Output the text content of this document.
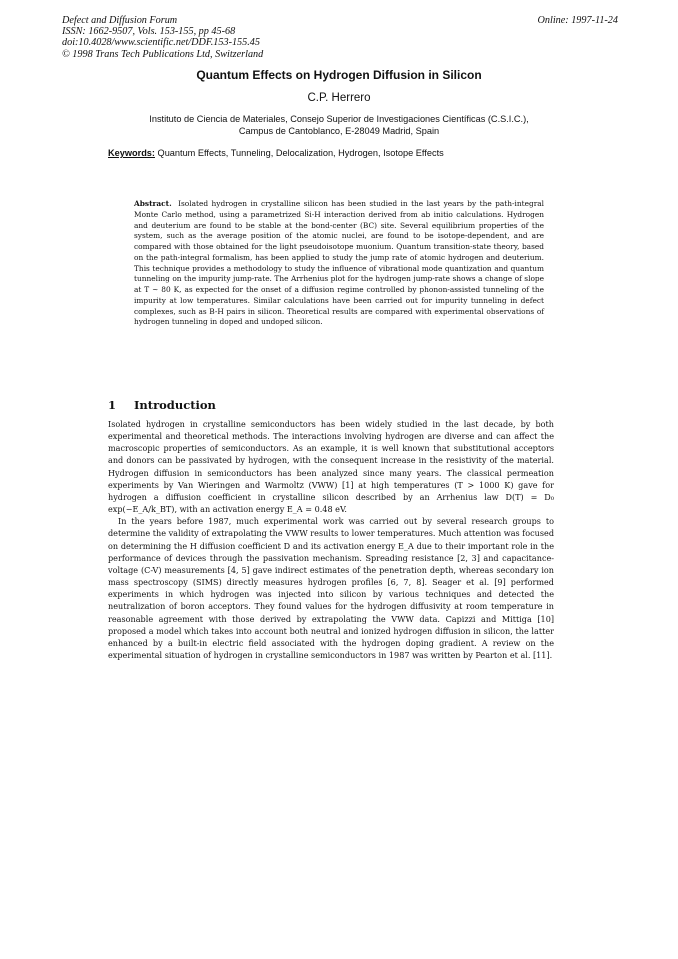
Defect and Diffusion Forum
ISSN: 1662-9507, Vols. 153-155, pp 45-68
doi:10.4028/www.scientific.net/DDF.153-155.45
© 1998 Trans Tech Publications Ltd, Switzerland
Online: 1997-11-24
Quantum Effects on Hydrogen Diffusion in Silicon
C.P. Herrero
Instituto de Ciencia de Materiales, Consejo Superior de Investigaciones Científicas (C.S.I.C.),
Campus de Cantoblanco, E-28049 Madrid, Spain
Keywords: Quantum Effects, Tunneling, Delocalization, Hydrogen, Isotope Effects
Abstract. Isolated hydrogen in crystalline silicon has been studied in the last years by the path-integral Monte Carlo method, using a parametrized Si-H interaction derived from ab initio calculations. Hydrogen and deuterium are found to be stable at the bond-center (BC) site. Several equilibrium properties of the system, such as the average position of the atomic nuclei, are found to be isotope-dependent, and are compared with those obtained for the light pseudoisotope muonium. Quantum transition-state theory, based on the path-integral formalism, has been applied to study the jump rate of atomic hydrogen and deuterium. This technique provides a methodology to study the influence of vibrational mode quantization and quantum tunneling on the impurity jump-rate. The Arrhenius plot for the hydrogen jump-rate shows a change of slope at T ~ 80 K, as expected for the onset of a diffusion regime controlled by phonon-assisted tunneling of the impurity at low temperatures. Similar calculations have been carried out for impurity tunneling in defect complexes, such as B-H pairs in silicon. Theoretical results are compared with experimental observations of hydrogen tunneling in doped and undoped silicon.
1 Introduction

Isolated hydrogen in crystalline semiconductors has been widely studied in the last decade, by both experimental and theoretical methods. The interactions involving hydrogen are diverse and can affect the macroscopic properties of semiconductors. As an example, it is well known that substitutional acceptors and donors can be passivated by hydrogen, with the consequent increase in the resistivity of the material. Hydrogen diffusion in semiconductors has been analyzed since many years. The classical permeation experiments by Van Wieringen and Warmoltz (VWW) [1] at high temperatures (T > 1000 K) gave for hydrogen a diffusion coefficient in crystalline silicon described by an Arrhenius law D(T) = D₀ exp(−E_A/k_BT), with an activation energy E_A = 0.48 eV.

In the years before 1987, much experimental work was carried out by several research groups to determine the validity of extrapolating the VWW results to lower temperatures. Much attention was focused on determining the H diffusion coefficient D and its activation energy E_A due to their important role in the performance of devices through the passivation mechanism. Spreading resistance [2, 3] and capacitance-voltage (C-V) measurements [4, 5] gave indirect estimates of the penetration depth, whereas secondary ion mass spectroscopy (SIMS) directly measures hydrogen profiles [6, 7, 8]. Seager et al. [9] performed experiments in which hydrogen was injected into silicon by various techniques and detected the neutralization of boron acceptors. They found values for the hydrogen diffusivity at room temperature in reasonable agreement with those derived by extrapolating the VWW data. Capizzi and Mittiga [10] proposed a model which takes into account both neutral and ionized hydrogen diffusion in silicon, the latter enhanced by a built-in electric field associated with the hydrogen doping gradient. A review on the experimental situation of hydrogen in crystalline semiconductors in 1987 was written by Pearton et al. [11].
